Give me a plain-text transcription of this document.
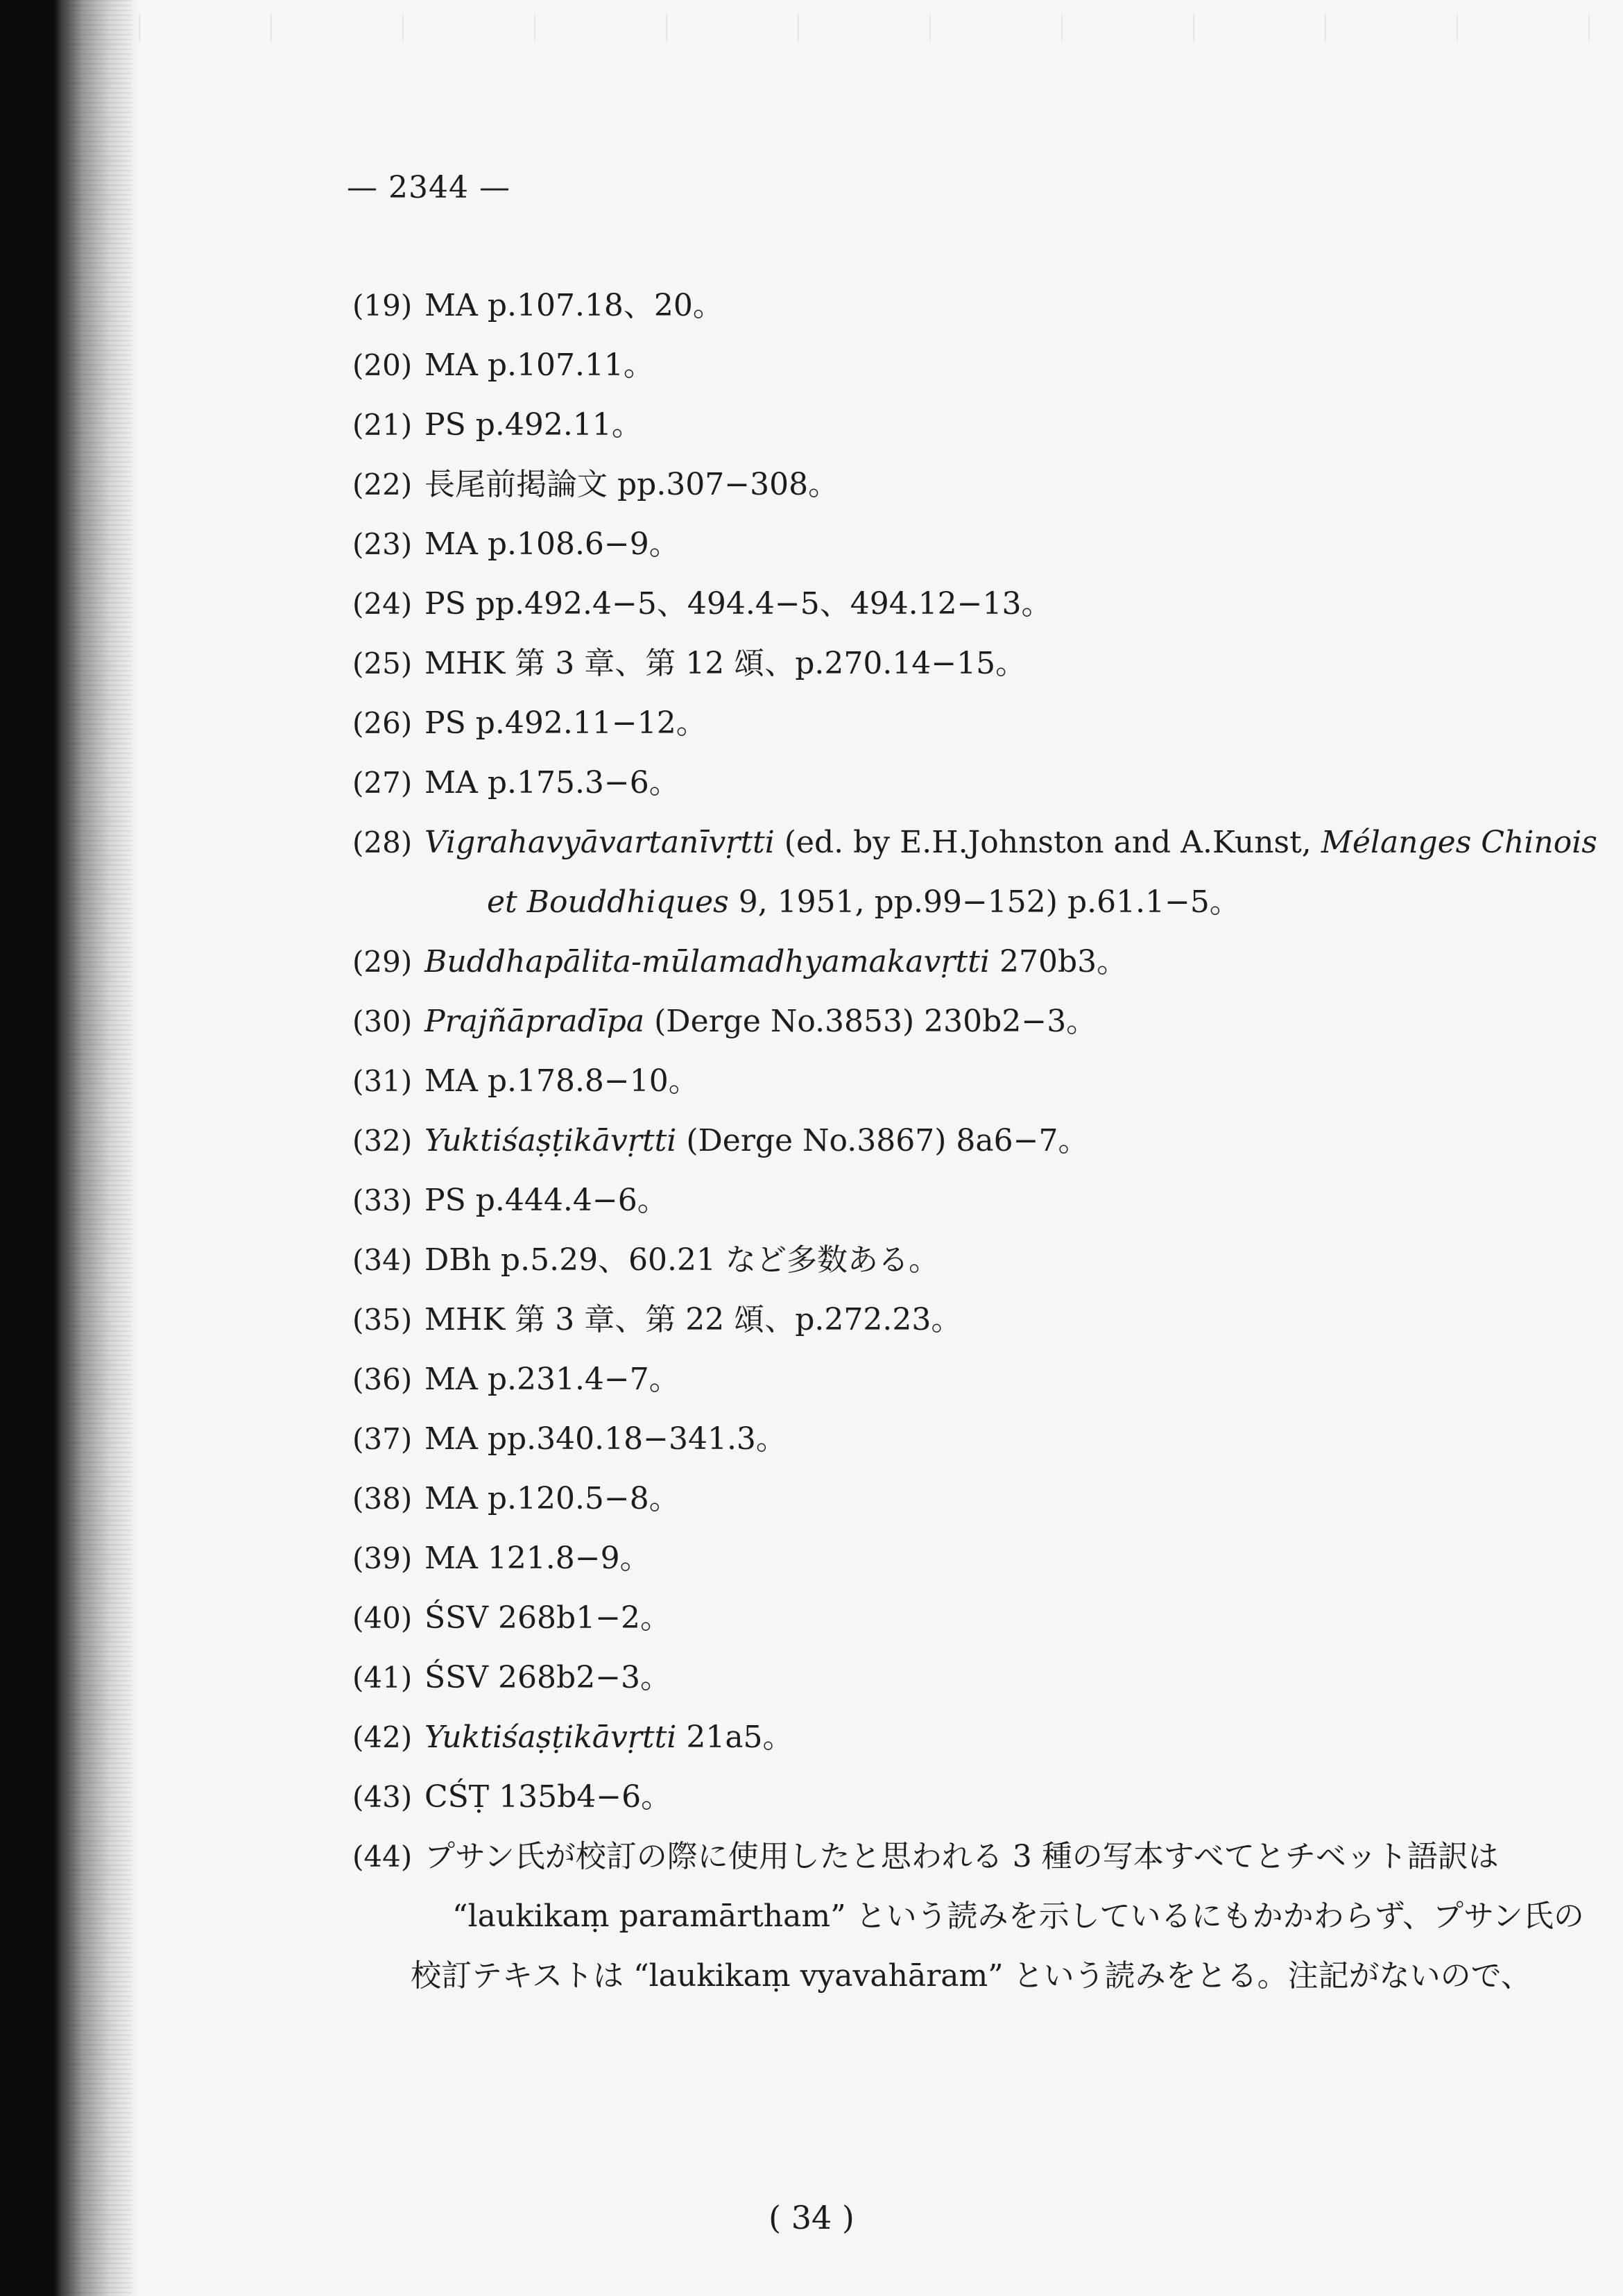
— 2344 —
(19) MA p.107.18、20。
(20) MA p.107.11。
(21) PS p.492.11。
(22) 長尾前掲論文 pp.307−308。
(23) MA p.108.6−9。
(24) PS pp.492.4−5、494.4−5、494.12−13。
(25) MHK 第 3 章、第 12 頌、p.270.14−15。
(26) PS p.492.11−12。
(27) MA p.175.3−6。
(28) Vigrahavyāvartanīvṛtti (ed. by E.H.Johnston and A.Kunst, Mélanges Chinois
et Bouddhiques 9, 1951, pp.99−152) p.61.1−5。
(29) Buddhapālita-mūlamadhyamakavṛtti 270b3。
(30) Prajñāpradīpa (Derge No.3853) 230b2−3。
(31) MA p.178.8−10。
(32) Yuktiśaṣṭikāvṛtti (Derge No.3867) 8a6−7。
(33) PS p.444.4−6。
(34) DBh p.5.29、60.21 など多数ある。
(35) MHK 第 3 章、第 22 頌、p.272.23。
(36) MA p.231.4−7。
(37) MA pp.340.18−341.3。
(38) MA p.120.5−8。
(39) MA 121.8−9。
(40) ŚSV 268b1−2。
(41) ŚSV 268b2−3。
(42) Yuktiśaṣṭikāvṛtti 21a5。
(43) CŚṬ 135b4−6。
(44) プサン氏が校訂の際に使用したと思われる 3 種の写本すべてとチベット語訳は
“laukikaṃ paramārtham” という読みを示しているにもかかわらず、プサン氏の
校訂テキストは “laukikaṃ vyavahāram” という読みをとる。注記がないので、
( 34 )
